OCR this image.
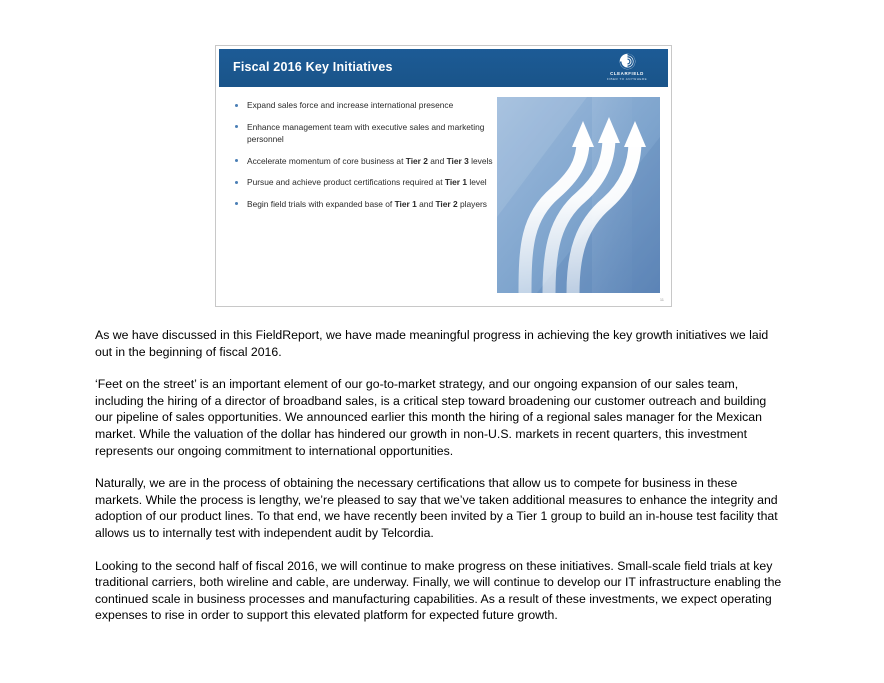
Fiscal 2016 Key Initiatives	CLEARFIELD
FIBER TO ANYWHERE
Expand sales force and increase international presence
Enhance management team with executive sales and marketing personnel
Accelerate momentum of core business at Tier 2 and Tier 3 levels
Pursue and achieve product certifications required at Tier 1 level
Begin field trials with expanded base of Tier 1 and Tier 2 players
11

As we have discussed in this FieldReport, we have made meaningful progress in achieving the key growth initiatives we laid out in the beginning of fiscal 2016.

‘Feet on the street’ is an important element of our go-to-market strategy, and our ongoing expansion of our sales team, including the hiring of a director of broadband sales, is a critical step toward broadening our customer outreach and building our pipeline of sales opportunities. We announced earlier this month the hiring of a regional sales manager for the Mexican market. While the valuation of the dollar has hindered our growth in non-U.S. markets in recent quarters, this investment represents our ongoing commitment to international opportunities.

Naturally, we are in the process of obtaining the necessary certifications that allow us to compete for business in these markets. While the process is lengthy, we’re pleased to say that we’ve taken additional measures to enhance the integrity and adoption of our product lines. To that end, we have recently been invited by a Tier 1 group to build an in-house test facility that allows us to internally test with independent audit by Telcordia.

Looking to the second half of fiscal 2016, we will continue to make progress on these initiatives. Small-scale field trials at key traditional carriers, both wireline and cable, are underway. Finally, we will continue to develop our IT infrastructure enabling the continued scale in business processes and manufacturing capabilities. As a result of these investments, we expect operating expenses to rise in order to support this elevated platform for expected future growth.
